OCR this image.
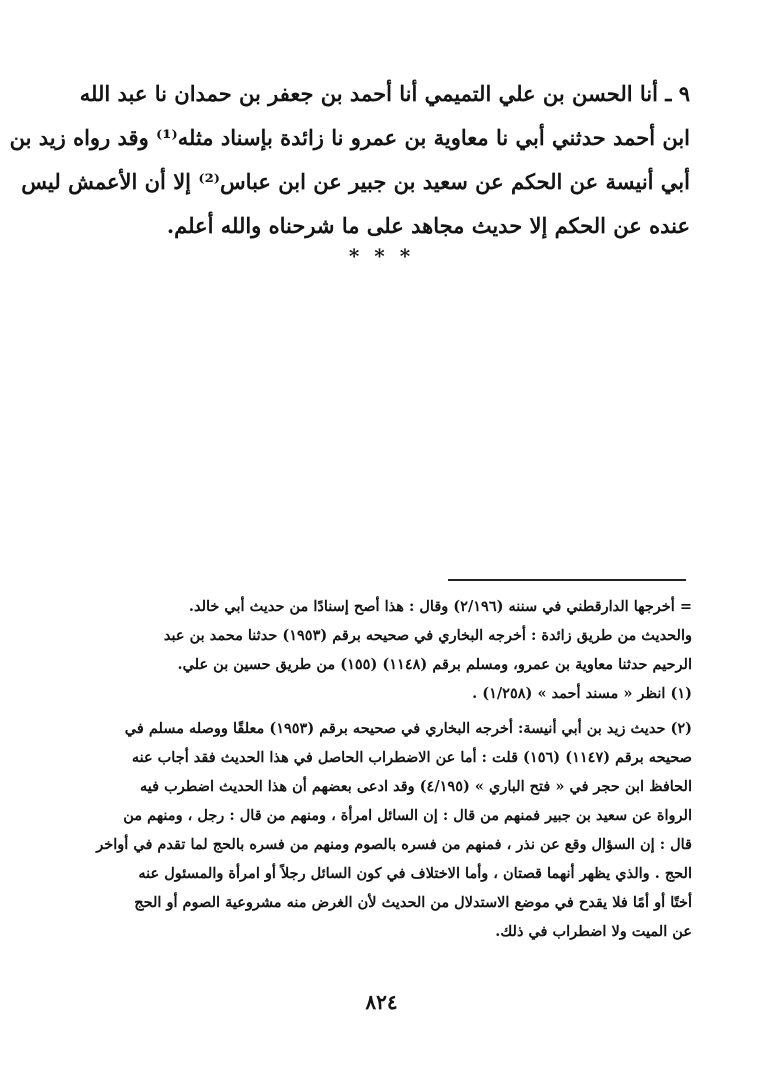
٩ ـ أنا الحسن بن علي التميمي أنا أحمد بن جعفر بن حمدان نا عبد الله
ابن أحمد حدثني أبي نا معاوية بن عمرو نا زائدة بإسناد مثله⁽¹⁾ وقد رواه زيد بن
أبي أنيسة عن الحكم عن سعيد بن جبير عن ابن عباس⁽²⁾ إلا أن الأعمش ليس
عنده عن الحكم إلا حديث مجاهد على ما شرحناه والله أعلم.
* * *
= أخرجها الدارقطني في سننه (٢/١٩٦) وقال : هذا أصح إسنادًا من حديث أبي خالد.
والحديث من طريق زائدة : أخرجه البخاري في صحيحه برقم (١٩٥٣) حدثنا محمد بن عبد
الرحيم حدثنا معاوية بن عمرو، ومسلم برقم (١١٤٨) (١٥٥) من طريق حسين بن علي.
(١) انظر « مسند أحمد » (١/٢٥٨) .
(٢) حديث زيد بن أبي أنيسة: أخرجه البخاري في صحيحه برقم (١٩٥٣) معلقًا ووصله مسلم في
صحيحه برقم (١١٤٧) (١٥٦) قلت : أما عن الاضطراب الحاصل في هذا الحديث فقد أجاب عنه
الحافظ ابن حجر في « فتح الباري » (٤/١٩٥) وقد ادعى بعضهم أن هذا الحديث اضطرب فيه
الرواة عن سعيد بن جبير فمنهم من قال : إن السائل امرأة ، ومنهم من قال : رجل ، ومنهم من
قال : إن السؤال وقع عن نذر ، فمنهم من فسره بالصوم ومنهم من فسره بالحج لما تقدم في أواخر
الحج . والذي يظهر أنهما قصتان ، وأما الاختلاف في كون السائل رجلاً أو امرأة والمسئول عنه
أختًا أو أمًا فلا يقدح في موضع الاستدلال من الحديث لأن الغرض منه مشروعية الصوم أو الحج
عن الميت ولا اضطراب في ذلك.
٨٢٤
